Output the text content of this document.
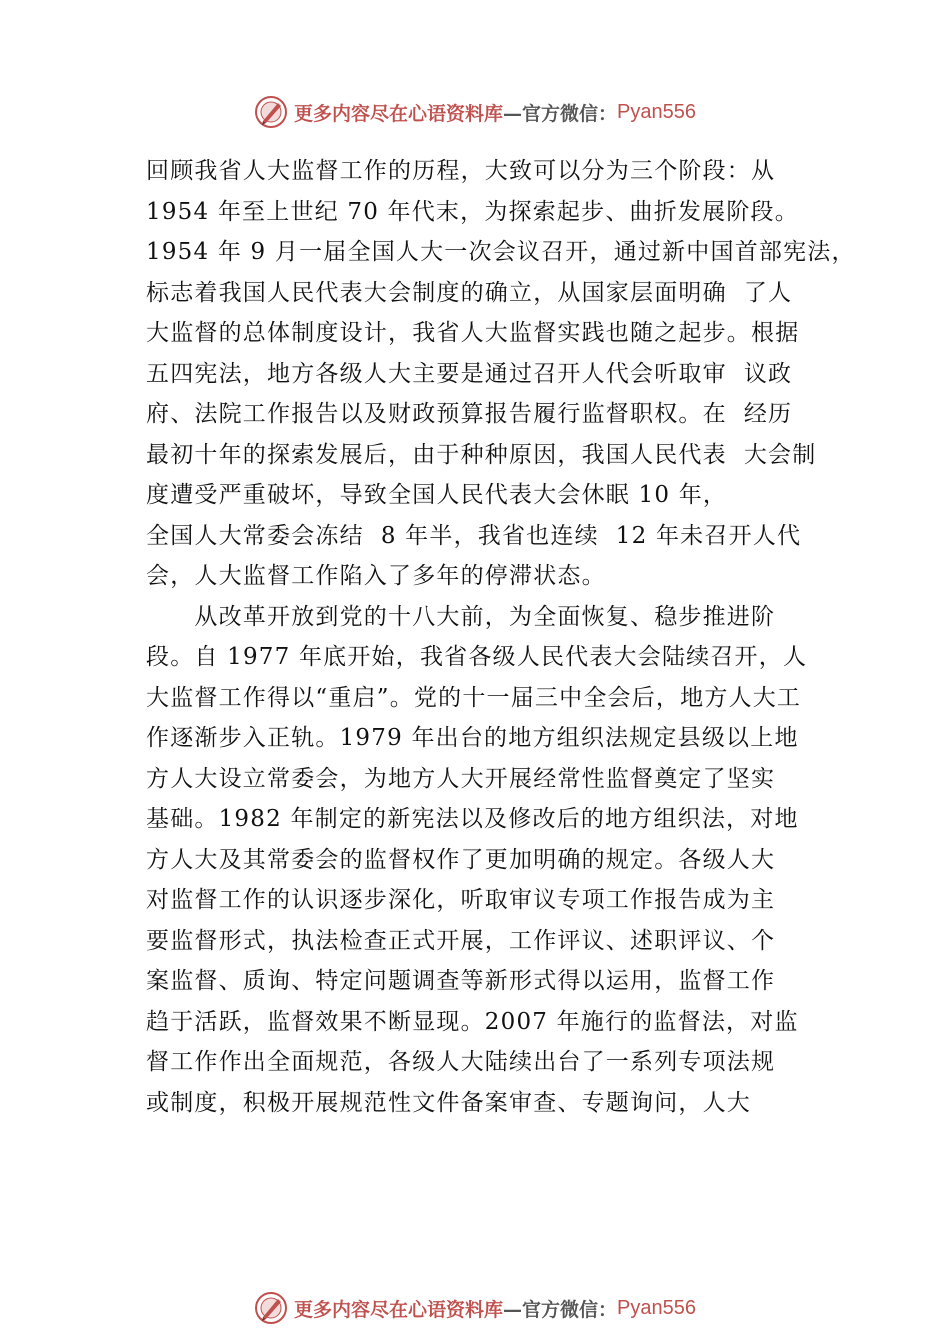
更多内容尽在心语资料库 —官方微信： Pyan556
回顾我省人大监督工作的历程，大致可以分为三个阶段：从
1954 年至上世纪 70 年代末，为探索起步、曲折发展阶段。
1954 年 9 月一届全国人大一次会议召开，通过新中国首部宪法，
标志着我国人民代表大会制度的确立，从国家层面明确  了人
大监督的总体制度设计，我省人大监督实践也随之起步。根据
五四宪法，地方各级人大主要是通过召开人代会听取审  议政
府、法院工作报告以及财政预算报告履行监督职权。在  经历
最初十年的探索发展后，由于种种原因，我国人民代表  大会制
度遭受严重破坏，导致全国人民代表大会休眠 10 年，
全国人大常委会冻结  8 年半，我省也连续  12 年未召开人代
会，人大监督工作陷入了多年的停滞状态。
　　从改革开放到党的十八大前，为全面恢复、稳步推进阶
段。自 1977 年底开始，我省各级人民代表大会陆续召开，人
大监督工作得以“重启”。党的十一届三中全会后，地方人大工
作逐渐步入正轨。1979 年出台的地方组织法规定县级以上地
方人大设立常委会，为地方人大开展经常性监督奠定了坚实
基础。1982 年制定的新宪法以及修改后的地方组织法，对地
方人大及其常委会的监督权作了更加明确的规定。各级人大
对监督工作的认识逐步深化，听取审议专项工作报告成为主
要监督形式，执法检查正式开展，工作评议、述职评议、个
案监督、质询、特定问题调查等新形式得以运用，监督工作
趋于活跃，监督效果不断显现。2007 年施行的监督法，对监
督工作作出全面规范，各级人大陆续出台了一系列专项法规
或制度，积极开展规范性文件备案审查、专题询问，人大
更多内容尽在心语资料库 —官方微信： Pyan556
